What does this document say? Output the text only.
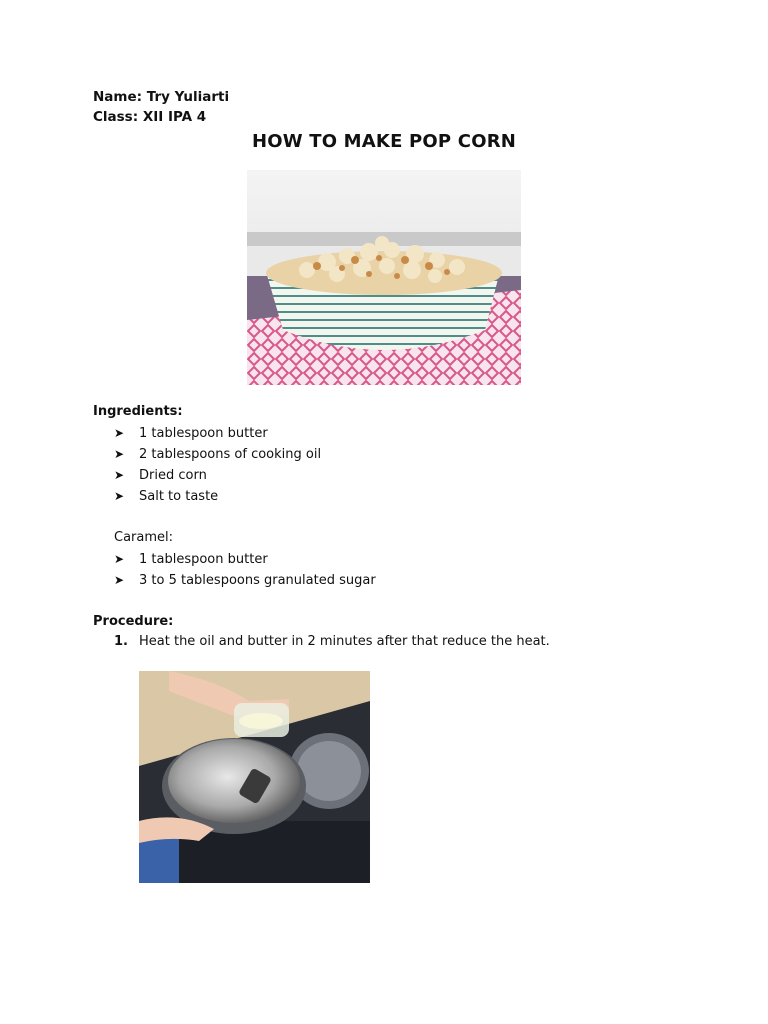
Name: Try Yuliarti
Class: XII IPA 4
HOW TO MAKE POP CORN
Ingredients:
➤ 1 tablespoon butter
➤ 2 tablespoons of cooking oil
➤ Dried corn
➤ Salt to taste
Caramel:
➤ 1 tablespoon butter
➤ 3 to 5 tablespoons granulated sugar
Procedure:
1. Heat the oil and butter in 2 minutes after that reduce the heat.
